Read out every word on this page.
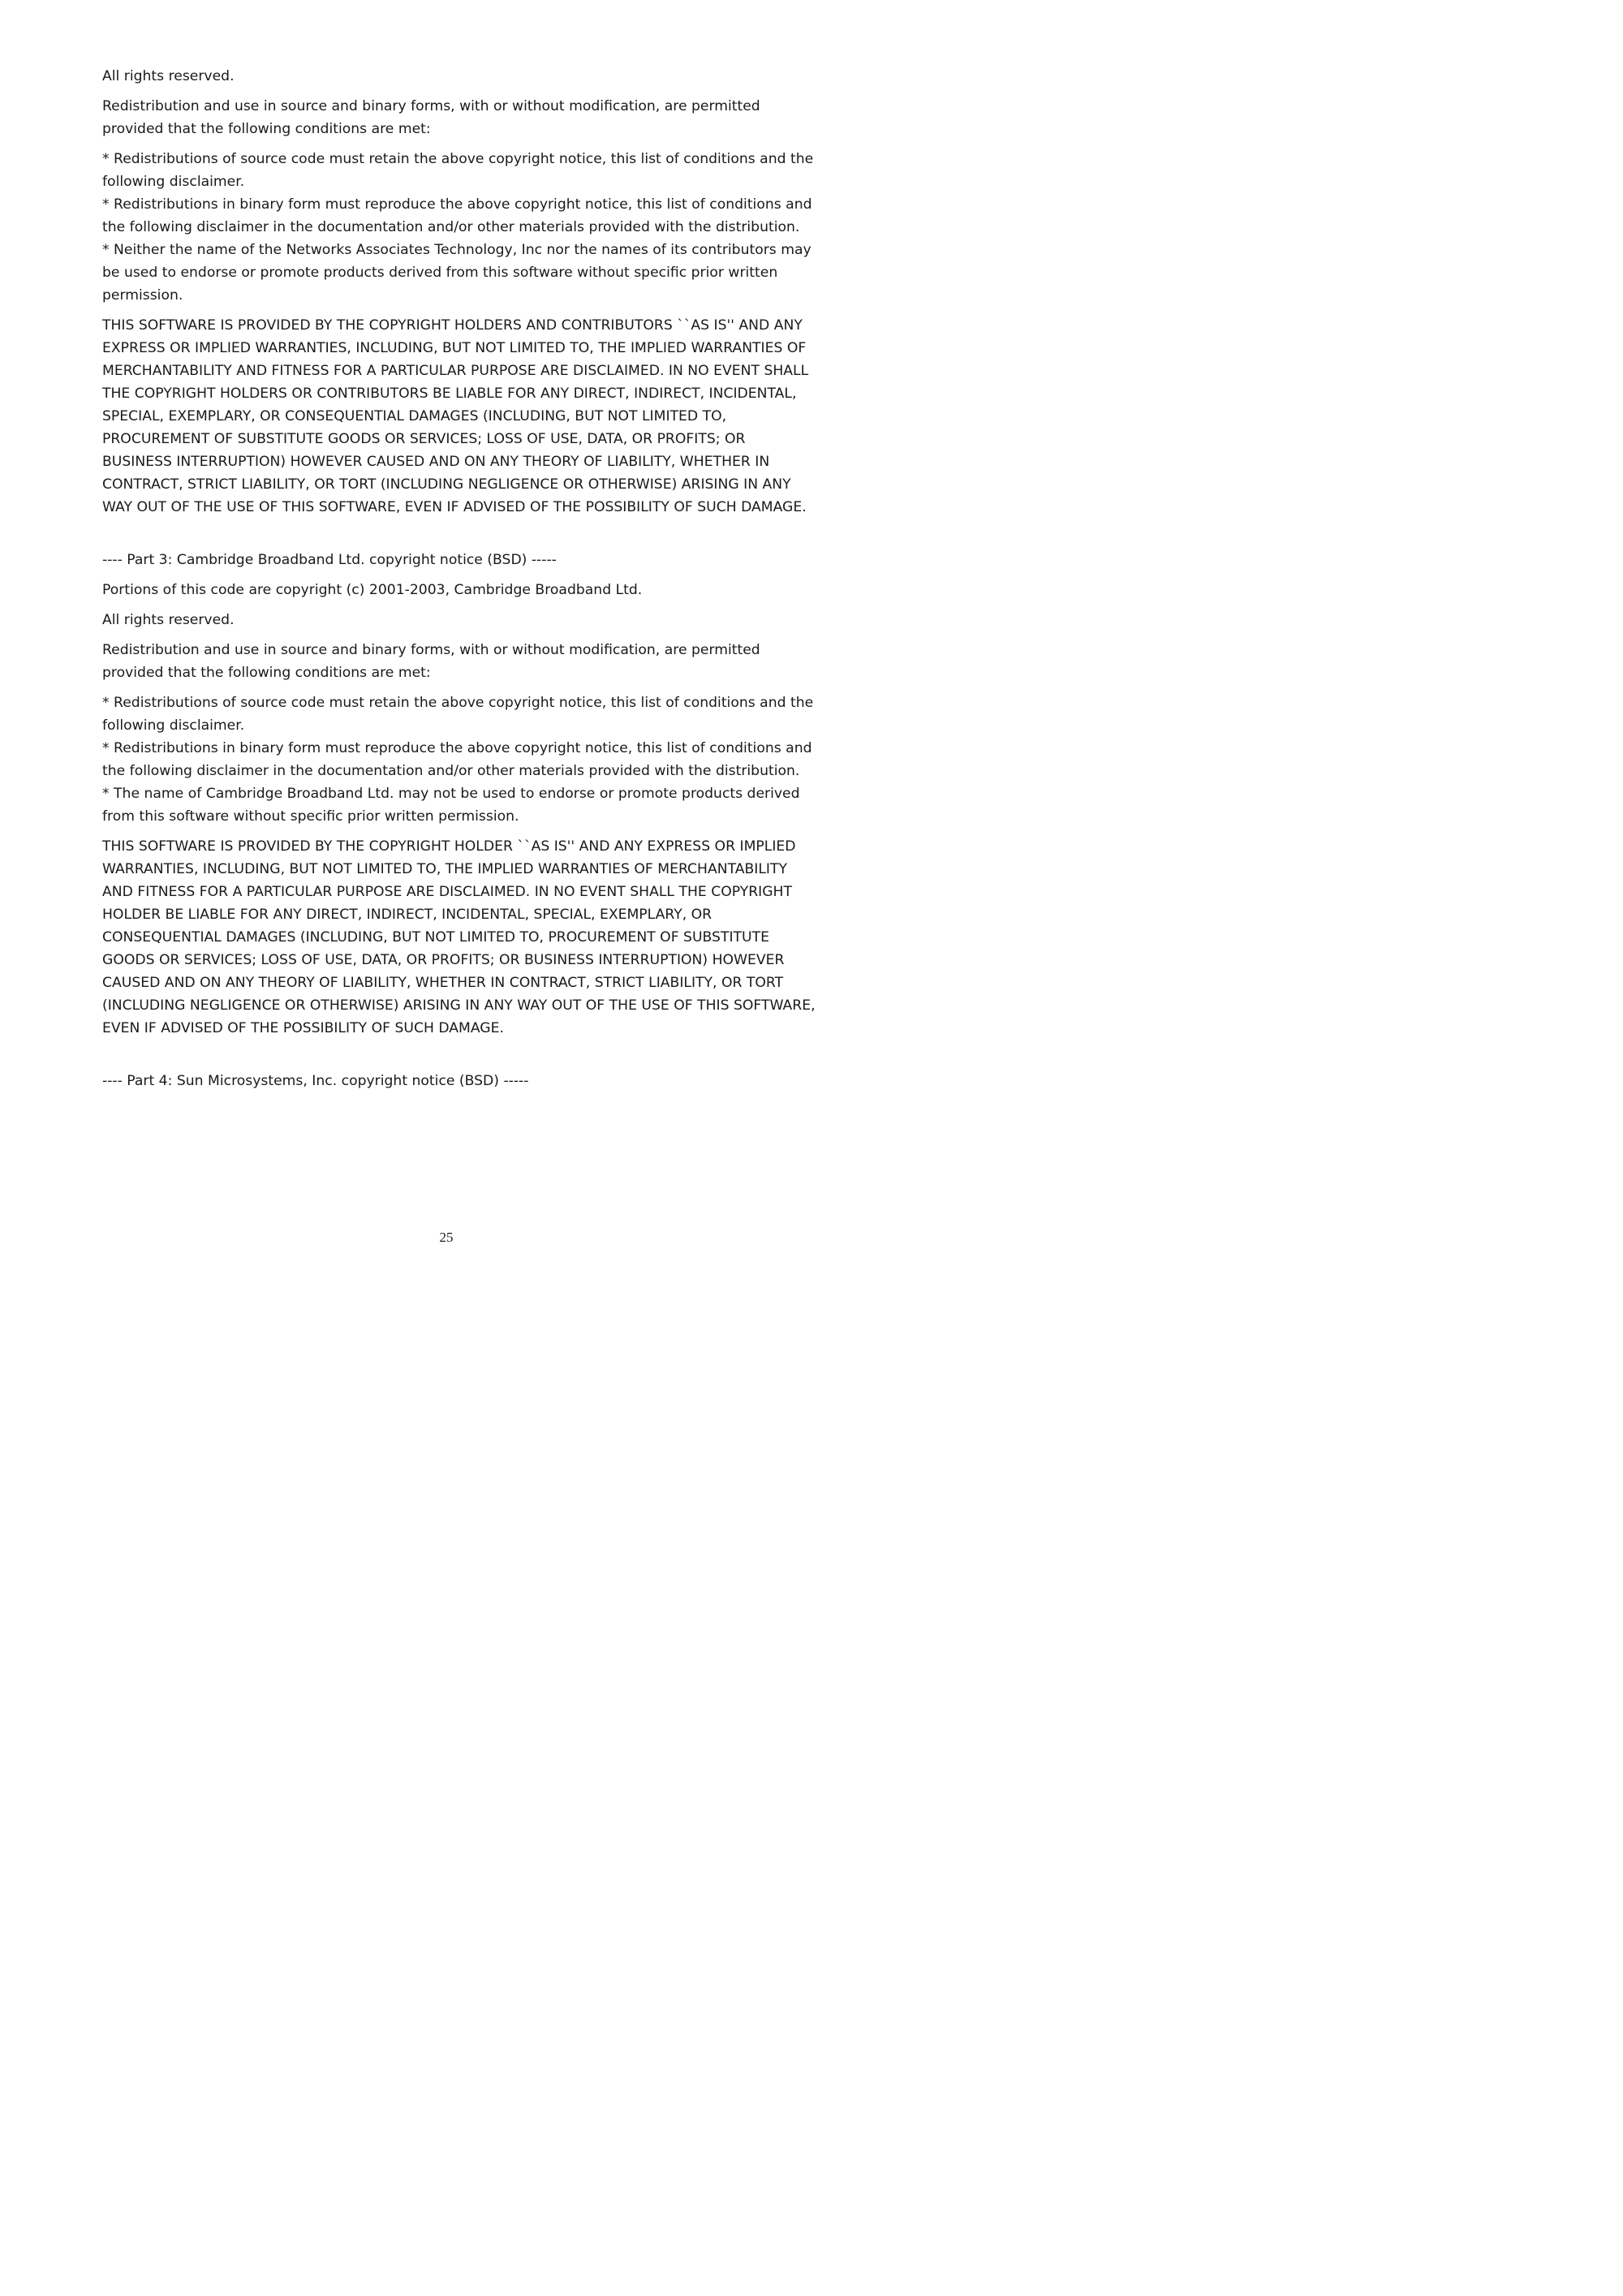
All rights reserved.

Redistribution and use in source and binary forms, with or without modification, are permitted provided that the following conditions are met:

* Redistributions of source code must retain the above copyright notice, this list of conditions and the following disclaimer.
* Redistributions in binary form must reproduce the above copyright notice, this list of conditions and the following disclaimer in the documentation and/or other materials provided with the distribution.
* Neither the name of the Networks Associates Technology, Inc nor the names of its contributors may be used to endorse or promote products derived from this software without specific prior written permission.

THIS SOFTWARE IS PROVIDED BY THE COPYRIGHT HOLDERS AND CONTRIBUTORS ``AS IS'' AND ANY EXPRESS OR IMPLIED WARRANTIES, INCLUDING, BUT NOT LIMITED TO, THE IMPLIED WARRANTIES OF MERCHANTABILITY AND FITNESS FOR A PARTICULAR PURPOSE ARE DISCLAIMED. IN NO EVENT SHALL THE COPYRIGHT HOLDERS OR CONTRIBUTORS BE LIABLE FOR ANY DIRECT, INDIRECT, INCIDENTAL, SPECIAL, EXEMPLARY, OR CONSEQUENTIAL DAMAGES (INCLUDING, BUT NOT LIMITED TO, PROCUREMENT OF SUBSTITUTE GOODS OR SERVICES; LOSS OF USE, DATA, OR PROFITS; OR BUSINESS INTERRUPTION) HOWEVER CAUSED AND ON ANY THEORY OF LIABILITY, WHETHER IN CONTRACT, STRICT LIABILITY, OR TORT (INCLUDING NEGLIGENCE OR OTHERWISE) ARISING IN ANY WAY OUT OF THE USE OF THIS SOFTWARE, EVEN IF ADVISED OF THE POSSIBILITY OF SUCH DAMAGE.

---- Part 3: Cambridge Broadband Ltd. copyright notice (BSD) -----

Portions of this code are copyright (c) 2001-2003, Cambridge Broadband Ltd.

All rights reserved.

Redistribution and use in source and binary forms, with or without modification, are permitted provided that the following conditions are met:

* Redistributions of source code must retain the above copyright notice, this list of conditions and the following disclaimer.
* Redistributions in binary form must reproduce the above copyright notice, this list of conditions and the following disclaimer in the documentation and/or other materials provided with the distribution.
* The name of Cambridge Broadband Ltd. may not be used to endorse or promote products derived from this software without specific prior written permission.

THIS SOFTWARE IS PROVIDED BY THE COPYRIGHT HOLDER ``AS IS'' AND ANY EXPRESS OR IMPLIED WARRANTIES, INCLUDING, BUT NOT LIMITED TO, THE IMPLIED WARRANTIES OF MERCHANTABILITY AND FITNESS FOR A PARTICULAR PURPOSE ARE DISCLAIMED. IN NO EVENT SHALL THE COPYRIGHT HOLDER BE LIABLE FOR ANY DIRECT, INDIRECT, INCIDENTAL, SPECIAL, EXEMPLARY, OR CONSEQUENTIAL DAMAGES (INCLUDING, BUT NOT LIMITED TO, PROCUREMENT OF SUBSTITUTE GOODS OR SERVICES; LOSS OF USE, DATA, OR PROFITS; OR BUSINESS INTERRUPTION) HOWEVER CAUSED AND ON ANY THEORY OF LIABILITY, WHETHER IN CONTRACT, STRICT LIABILITY, OR TORT (INCLUDING NEGLIGENCE OR OTHERWISE) ARISING IN ANY WAY OUT OF THE USE OF THIS SOFTWARE, EVEN IF ADVISED OF THE POSSIBILITY OF SUCH DAMAGE.

---- Part 4: Sun Microsystems, Inc. copyright notice (BSD) -----

25
